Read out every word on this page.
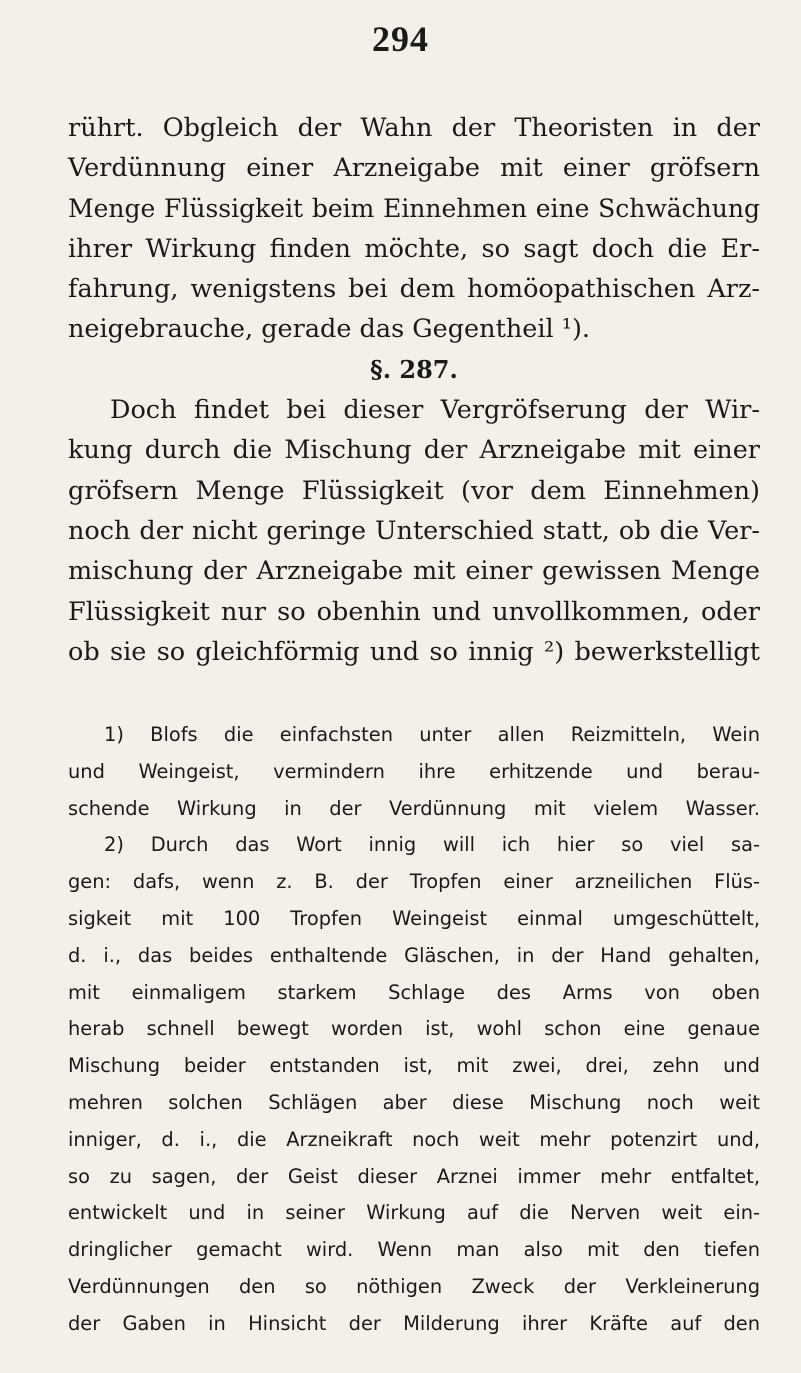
294
rührt. Obgleich der Wahn der Theoristen in der
Verdünnung einer Arzneigabe mit einer gröfsern
Menge Flüssigkeit beim Einnehmen eine Schwächung
ihrer Wirkung finden möchte, so sagt doch die Er-
fahrung, wenigstens bei dem homöopathischen Arz-
neigebrauche, gerade das Gegentheil ¹).
§. 287.
Doch findet bei dieser Vergröfserung der Wir-
kung durch die Mischung der Arzneigabe mit einer
gröfsern Menge Flüssigkeit (vor dem Einnehmen)
noch der nicht geringe Unterschied statt, ob die Ver-
mischung der Arzneigabe mit einer gewissen Menge
Flüssigkeit nur so obenhin und unvollkommen, oder
ob sie so gleichförmig und so innig ²) bewerkstelligt
1) Blofs die einfachsten unter allen Reizmitteln, Wein
und Weingeist, vermindern ihre erhitzende und berau-
schende Wirkung in der Verdünnung mit vielem Wasser.
2) Durch das Wort innig will ich hier so viel sa-
gen: dafs, wenn z. B. der Tropfen einer arzneilichen Flüs-
sigkeit mit 100 Tropfen Weingeist einmal umgeschüttelt,
d. i., das beides enthaltende Gläschen, in der Hand gehalten,
mit einmaligem starkem Schlage des Arms von oben
herab schnell bewegt worden ist, wohl schon eine genaue
Mischung beider entstanden ist, mit zwei, drei, zehn und
mehren solchen Schlägen aber diese Mischung noch weit
inniger, d. i., die Arzneikraft noch weit mehr potenzirt und,
so zu sagen, der Geist dieser Arznei immer mehr entfaltet,
entwickelt und in seiner Wirkung auf die Nerven weit ein-
dringlicher gemacht wird. Wenn man also mit den tiefen
Verdünnungen den so nöthigen Zweck der Verkleinerung
der Gaben in Hinsicht der Milderung ihrer Kräfte auf den
